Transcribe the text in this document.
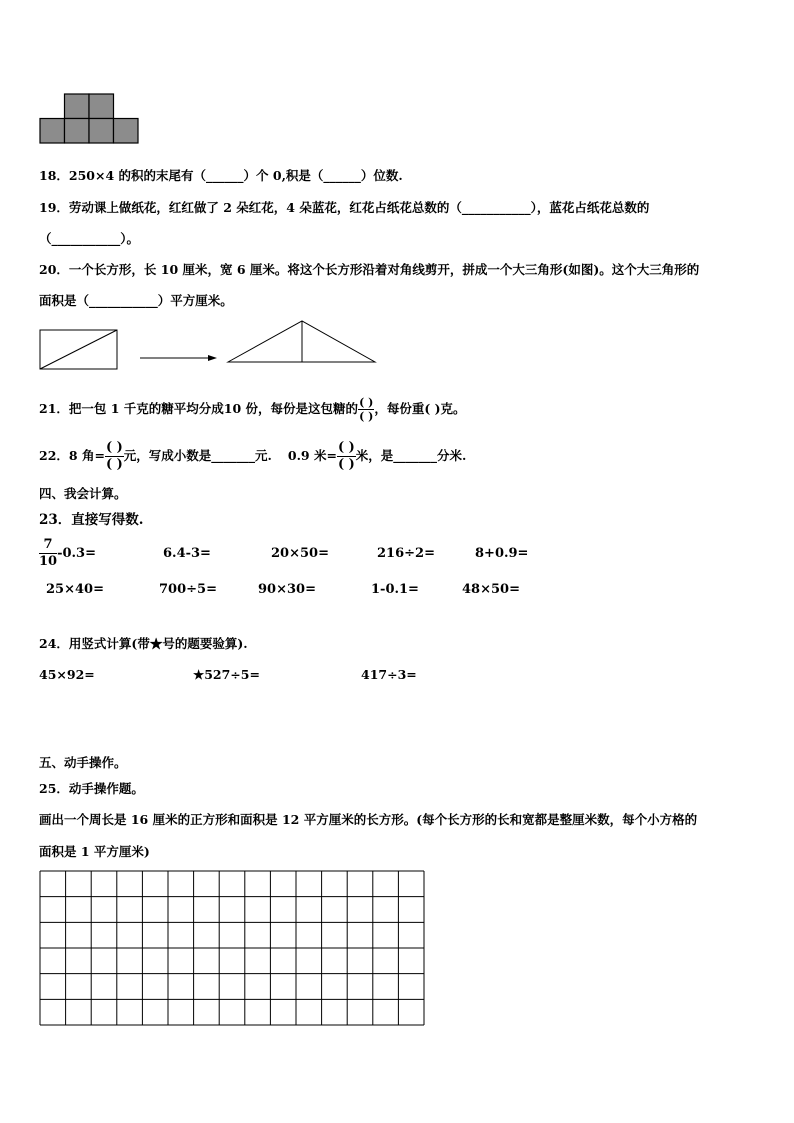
18．250×4 的积的末尾有（______）个 0,积是（______）位数.
19．劳动课上做纸花，红红做了 2 朵红花，4 朵蓝花，红花占纸花总数的（___________），蓝花占纸花总数的
（___________）。
20．一个长方形，长 10 厘米，宽 6 厘米。将这个长方形沿着对角线剪开，拼成一个大三角形(如图)。这个大三角形的
面积是（___________）平方厘米。
21．把一包 1 千克的糖平均分成10 份，每份是这包糖的 $\frac{( )}{( )}$ ，每份重( )克。
22．8 角= $\frac{( )}{( )}$ 元，写成小数是_______元. 0.9 米= $\frac{( )}{( )}$ 米，是_______分米.
四、我会计算。
23．直接写得数.
$\frac{7}{10} -0.3=$	6.4-3=	20×50=	216÷2=	8+0.9=
25×40=	700÷5=	90×30=	1-0.1=	48×50=
24．用竖式计算(带★号的题要验算).
45×92=	★527÷5=	417÷3=
五、动手操作。
25．动手操作题。
画出一个周长是 16 厘米的正方形和面积是 12 平方厘米的长方形。(每个长方形的长和宽都是整厘米数，每个小方格的
面积是 1 平方厘米)
